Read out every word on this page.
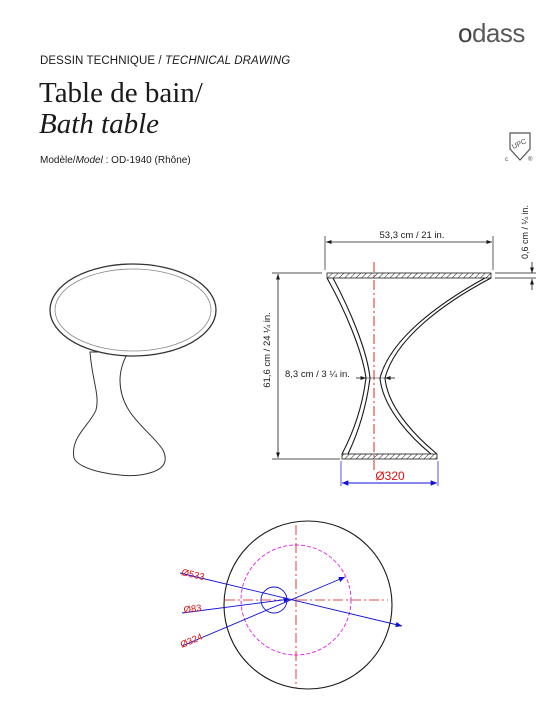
DESSIN TECHNIQUE / TECHNICAL DRAWING
odass
Table de bain/
Bath table
Modèle/Model : OD-1940 (Rhône)
UPC
c	®
53,3 cm / 21 in.
61,6 cm / 24 ¼ in.
0,6 cm / ¼ in.
8,3 cm / 3 ¼ in.
Ø320
Ø533
Ø83
Ø324
